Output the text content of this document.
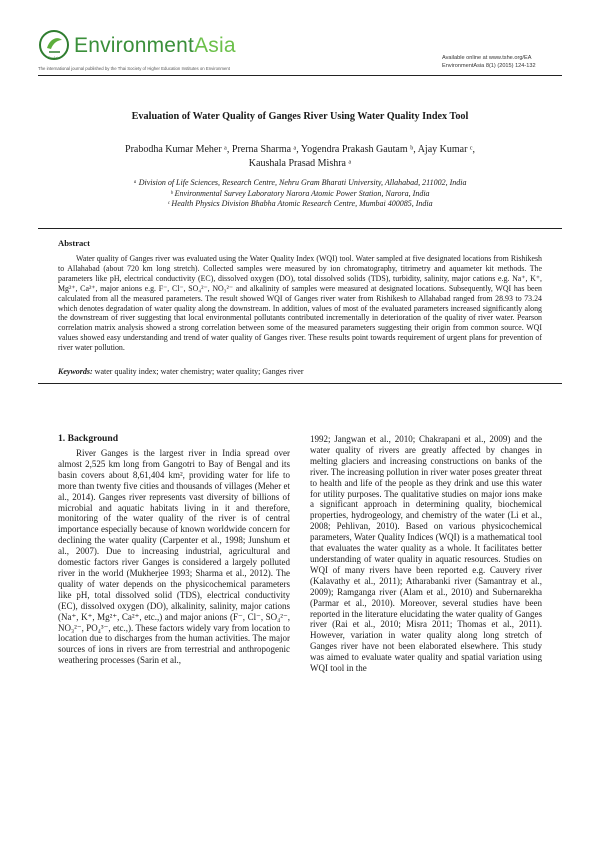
EnvAsia
EnvironmentAsia
The international journal published by the Thai Society of Higher Education Institutes on Environment
Available online at www.tshe.org/EA
EnvironmentAsia 8(1) (2015) 124-132
Evaluation of Water Quality of Ganges River Using Water Quality Index Tool
Prabodha Kumar Meher ᵃ, Prerna Sharma ᵃ, Yogendra Prakash Gautam ᵇ, Ajay Kumar ᶜ,
Kaushala Prasad Mishra ᵃ
ᵃ Division of Life Sciences, Research Centre, Nehru Gram Bharati University, Allahabad, 211002, India
ᵇ Environmental Survey Laboratory Narora Atomic Power Station, Narora, India
ᶜ Health Physics Division Bhabha Atomic Research Centre, Mumbai 400085, India
Abstract
Water quality of Ganges river was evaluated using the Water Quality Index (WQI) tool. Water sampled at five designated locations from Rishikesh to Allahabad (about 720 km long stretch). Collected samples were measured by ion chromatography, titrimetry and aquameter kit methods. The parameters like pH, electrical conductivity (EC), dissolved oxygen (DO), total dissolved solids (TDS), turbidity, salinity, major cations e.g. Na⁺, K⁺, Mg²⁺, Ca²⁺, major anions e.g. F⁻, Cl⁻, SO₄²⁻, NO₃²⁻ and alkalinity of samples were measured at designated locations. Subsequently, WQI has been calculated from all the measured parameters. The result showed WQI of Ganges river water from Rishikesh to Allahabad ranged from 28.93 to 73.24 which denotes degradation of water quality along the downstream. In addition, values of most of the evaluated parameters increased significantly along the downstream of river suggesting that local environmental pollutants contributed incrementally in deterioration of the quality of river water. Pearson correlation matrix analysis showed a strong correlation between some of the measured parameters suggesting their origin from common source. WQI values showed easy understanding and trend of water quality of Ganges river. These results point towards requirement of urgent plans for prevention of river water pollution.
Keywords: water quality index; water chemistry; water quality; Ganges river
1. Background
River Ganges is the largest river in India spread over almost 2,525 km long from Gangotri to Bay of Bengal and its basin covers about 8,61,404 km², providing water for life to more than twenty five cities and thousands of villages (Meher et al., 2014). Ganges river represents vast diversity of billions of microbial and aquatic habitats living in it and therefore, monitoring of the water quality of the river is of central importance especially because of known worldwide concern for declining the water quality (Carpenter et al., 1998; Junshum et al., 2007). Due to increasing industrial, agricultural and domestic factors river Ganges is considered a largely polluted river in the world (Mukherjee 1993; Sharma et al., 2012). The quality of water depends on the physicochemical parameters like pH, total dissolved solid (TDS), electrical conductivity (EC), dissolved oxygen (DO), alkalinity, salinity, major cations (Na⁺, K⁺, Mg²⁺, Ca²⁺, etc.,) and major anions (F⁻, Cl⁻, SO₄²⁻, NO₃²⁻, PO₄³⁻, etc.,). These factors widely vary from location to location due to discharges from the human activities. The major sources of ions in rivers are from terrestrial and anthropogenic weathering processes (Sarin et al.,
1992; Jangwan et al., 2010; Chakrapani et al., 2009) and the water quality of rivers are greatly affected by changes in melting glaciers and increasing constructions on banks of the river. The increasing pollution in river water poses greater threat to health and life of the people as they drink and use this water for utility purposes. The qualitative studies on major ions make a significant approach in determining quality, biochemical properties, hydrogeology, and chemistry of the water (Li et al., 2008; Pehlivan, 2010). Based on various physicochemical parameters, Water Quality Indices (WQI) is a mathematical tool that evaluates the water quality as a whole. It facilitates better understanding of water quality in aquatic resources. Studies on WQI of many rivers have been reported e.g. Cauvery river (Kalavathy et al., 2011); Atharabanki river (Samantray et al., 2009); Ramganga river (Alam et al., 2010) and Subernarekha (Parmar et al., 2010). Moreover, several studies have been reported in the literature elucidating the water quality of Ganges river (Rai et al., 2010; Misra 2011; Thomas et al., 2011). However, variation in water quality along long stretch of Ganges river have not been elaborated elsewhere. This study was aimed to evaluate water quality and spatial variation using WQI tool in the
